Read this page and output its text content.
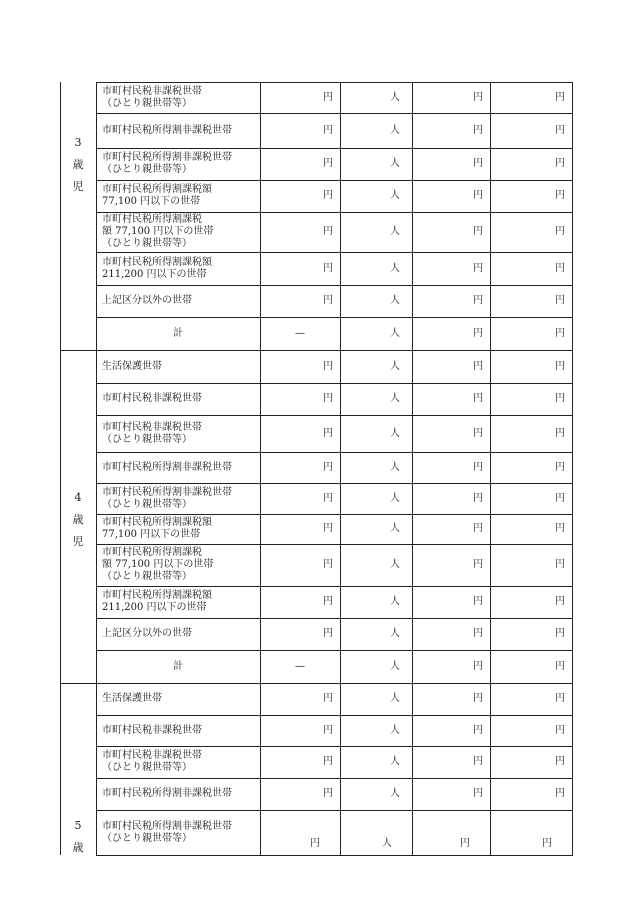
3
歳
児
市町村民税非課税世帯
（ひとり親世帯等）
円	人	円	円
市町村民税所得割非課税世帯	円	人	円	円
市町村民税所得割非課税世帯
（ひとり親世帯等）
円	人	円	円
市町村民税所得割課税額
77,100 円以下の世帯
円	人	円	円
市町村民税所得割課税
額 77,100 円以下の世帯
（ひとり親世帯等）
円	人	円	円
市町村民税所得割課税額
211,200 円以下の世帯
円	人	円	円
上記区分以外の世帯	円	人	円	円
計	—	人	円	円
4
歳
児
生活保護世帯	円	人	円	円
市町村民税非課税世帯	円	人	円	円
市町村民税非課税世帯
（ひとり親世帯等）
円	人	円	円
市町村民税所得割非課税世帯	円	人	円	円
市町村民税所得割非課税世帯
（ひとり親世帯等）
円	人	円	円
市町村民税所得割課税額
77,100 円以下の世帯
円	人	円	円
市町村民税所得割課税
額 77,100 円以下の世帯
（ひとり親世帯等）
円	人	円	円
市町村民税所得割課税額
211,200 円以下の世帯
円	人	円	円
上記区分以外の世帯	円	人	円	円
計	—	人	円	円
5
歳
生活保護世帯	円	人	円	円
市町村民税非課税世帯	円	人	円	円
市町村民税非課税世帯
（ひとり親世帯等）
円	人	円	円
市町村民税所得割非課税世帯	円	人	円	円
市町村民税所得割非課税世帯
（ひとり親世帯等）	円	人	円	円
